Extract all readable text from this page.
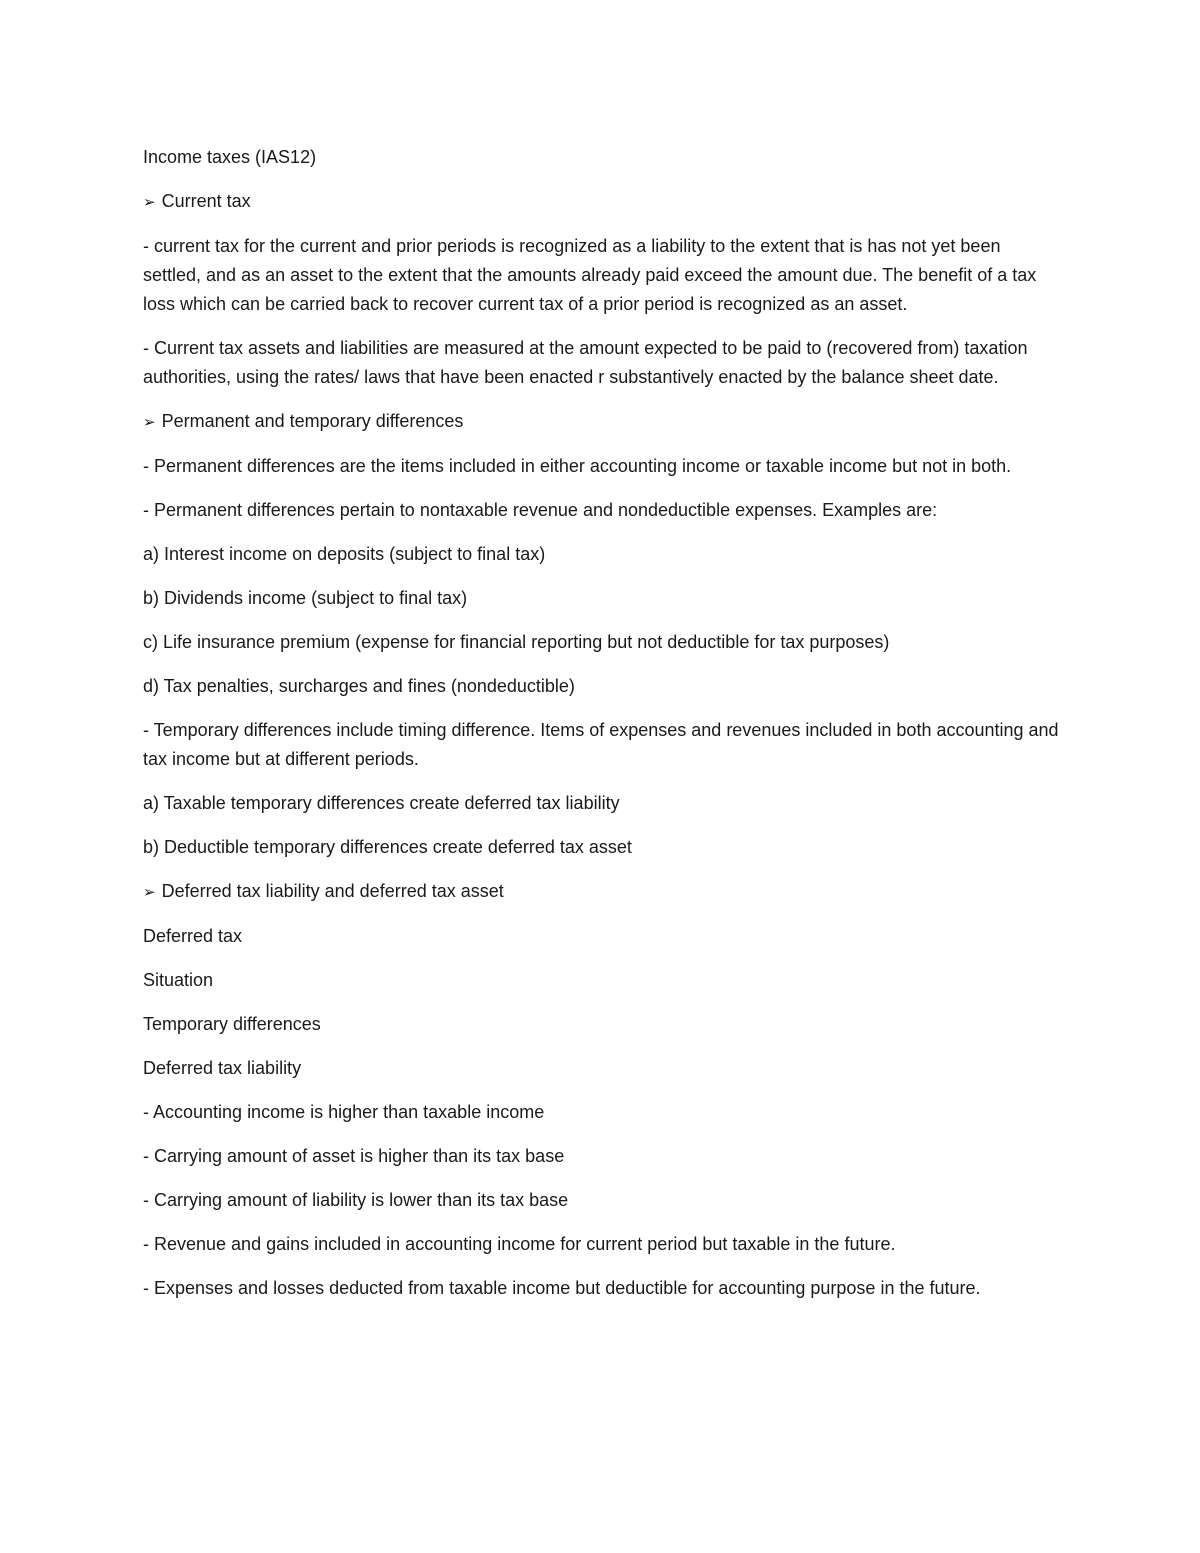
Income taxes (IAS12)

➢ Current tax

- current tax for the current and prior periods is recognized as a liability to the extent that is has not yet been settled, and as an asset to the extent that the amounts already paid exceed the amount due. The benefit of a tax loss which can be carried back to recover current tax of a prior period is recognized as an asset.

- Current tax assets and liabilities are measured at the amount expected to be paid to (recovered from) taxation authorities, using the rates/ laws that have been enacted r substantively enacted by the balance sheet date.

➢ Permanent and temporary differences

- Permanent differences are the items included in either accounting income or taxable income but not in both.

- Permanent differences pertain to nontaxable revenue and nondeductible expenses. Examples are:

a) Interest income on deposits (subject to final tax)

b) Dividends income (subject to final tax)

c) Life insurance premium (expense for financial reporting but not deductible for tax purposes)

d) Tax penalties, surcharges and fines (nondeductible)

- Temporary differences include timing difference. Items of expenses and revenues included in both accounting and tax income but at different periods.

a) Taxable temporary differences create deferred tax liability

b) Deductible temporary differences create deferred tax asset

➢ Deferred tax liability and deferred tax asset

Deferred tax

Situation

Temporary differences

Deferred tax liability

- Accounting income is higher than taxable income

- Carrying amount of asset is higher than its tax base

- Carrying amount of liability is lower than its tax base

- Revenue and gains included in accounting income for current period but taxable in the future.

- Expenses and losses deducted from taxable income but deductible for accounting purpose in the future.
